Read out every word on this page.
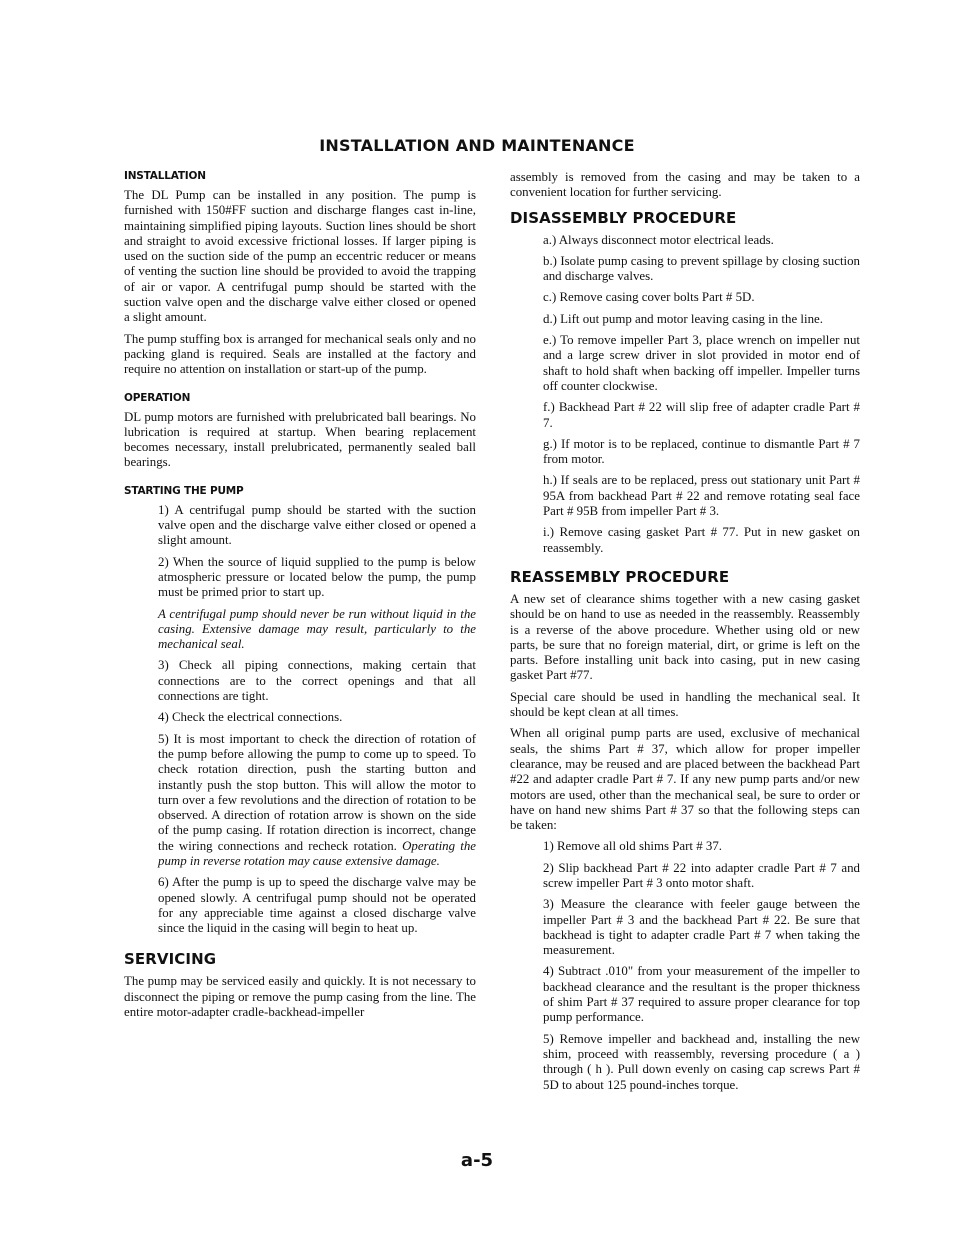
INSTALLATION AND MAINTENANCE
INSTALLATION

The DL Pump can be installed in any position. The pump is furnished with 150#FF suction and discharge flanges cast in-line, maintaining simplified piping layouts. Suction lines should be short and straight to avoid excessive frictional losses. If larger piping is used on the suction side of the pump an eccentric reducer or means of venting the suction line should be provided to avoid the trapping of air or vapor. A centrifugal pump should be started with the suction valve open and the discharge valve either closed or opened a slight amount.

The pump stuffing box is arranged for mechanical seals only and no packing gland is required. Seals are installed at the factory and require no attention on installation or start-up of the pump.

OPERATION

DL pump motors are furnished with prelubricated ball bearings. No lubrication is required at startup. When bearing replacement becomes necessary, install prelubricated, permanently sealed ball bearings.

STARTING THE PUMP

1) A centrifugal pump should be started with the suction valve open and the discharge valve either closed or opened a slight amount.

2) When the source of liquid supplied to the pump is below atmospheric pressure or located below the pump, the pump must be primed prior to start up.

A centrifugal pump should never be run without liquid in the casing. Extensive damage may result, particularly to the mechanical seal.

3) Check all piping connections, making certain that connections are to the correct openings and that all connections are tight.

4) Check the electrical connections.

5) It is most important to check the direction of rotation of the pump before allowing the pump to come up to speed. To check rotation direction, push the starting button and instantly push the stop button. This will allow the motor to turn over a few revolutions and the direction of rotation to be observed. A direction of rotation arrow is shown on the side of the pump casing. If rotation direction is incorrect, change the wiring connections and recheck rotation. Operating the pump in reverse rotation may cause extensive damage.

6) After the pump is up to speed the discharge valve may be opened slowly. A centrifugal pump should not be operated for any appreciable time against a closed discharge valve since the liquid in the casing will begin to heat up.

SERVICING

The pump may be serviced easily and quickly. It is not necessary to disconnect the piping or remove the pump casing from the line. The entire motor-adapter cradle-backhead-impeller

assembly is removed from the casing and may be taken to a convenient location for further servicing.

DISASSEMBLY PROCEDURE

a.) Always disconnect motor electrical leads.

b.) Isolate pump casing to prevent spillage by closing suction and discharge valves.

c.) Remove casing cover bolts Part # 5D.

d.) Lift out pump and motor leaving casing in the line.

e.) To remove impeller Part 3, place wrench on impeller nut and a large screw driver in slot provided in motor end of shaft to hold shaft when backing off impeller. Impeller turns off counter clockwise.

f.) Backhead Part # 22 will slip free of adapter cradle Part # 7.

g.) If motor is to be replaced, continue to dismantle Part # 7 from motor.

h.) If seals are to be replaced, press out stationary unit Part # 95A from backhead Part # 22 and remove rotating seal face Part # 95B from impeller Part # 3.

i.) Remove casing gasket Part # 77. Put in new gasket on reassembly.

REASSEMBLY PROCEDURE

A new set of clearance shims together with a new casing gasket should be on hand to use as needed in the reassembly. Reassembly is a reverse of the above procedure. Whether using old or new parts, be sure that no foreign material, dirt, or grime is left on the parts. Before installing unit back into casing, put in new casing gasket Part #77.

Special care should be used in handling the mechanical seal. It should be kept clean at all times.

When all original pump parts are used, exclusive of mechanical seals, the shims Part # 37, which allow for proper impeller clearance, may be reused and are placed between the backhead Part #22 and adapter cradle Part # 7. If any new pump parts and/or new motors are used, other than the mechanical seal, be sure to order or have on hand new shims Part # 37 so that the following steps can be taken:

1) Remove all old shims Part # 37.

2) Slip backhead Part # 22 into adapter cradle Part # 7 and screw impeller Part # 3 onto motor shaft.

3) Measure the clearance with feeler gauge between the impeller Part # 3 and the backhead Part # 22. Be sure that backhead is tight to adapter cradle Part # 7 when taking the measurement.

4) Subtract .010" from your measurement of the impeller to backhead clearance and the resultant is the proper thickness of shim Part # 37 required to assure proper clearance for top pump performance.

5) Remove impeller and backhead and, installing the new shim, proceed with reassembly, reversing procedure ( a ) through ( h ). Pull down evenly on casing cap screws Part # 5D to about 125 pound-inches torque.

a-5
